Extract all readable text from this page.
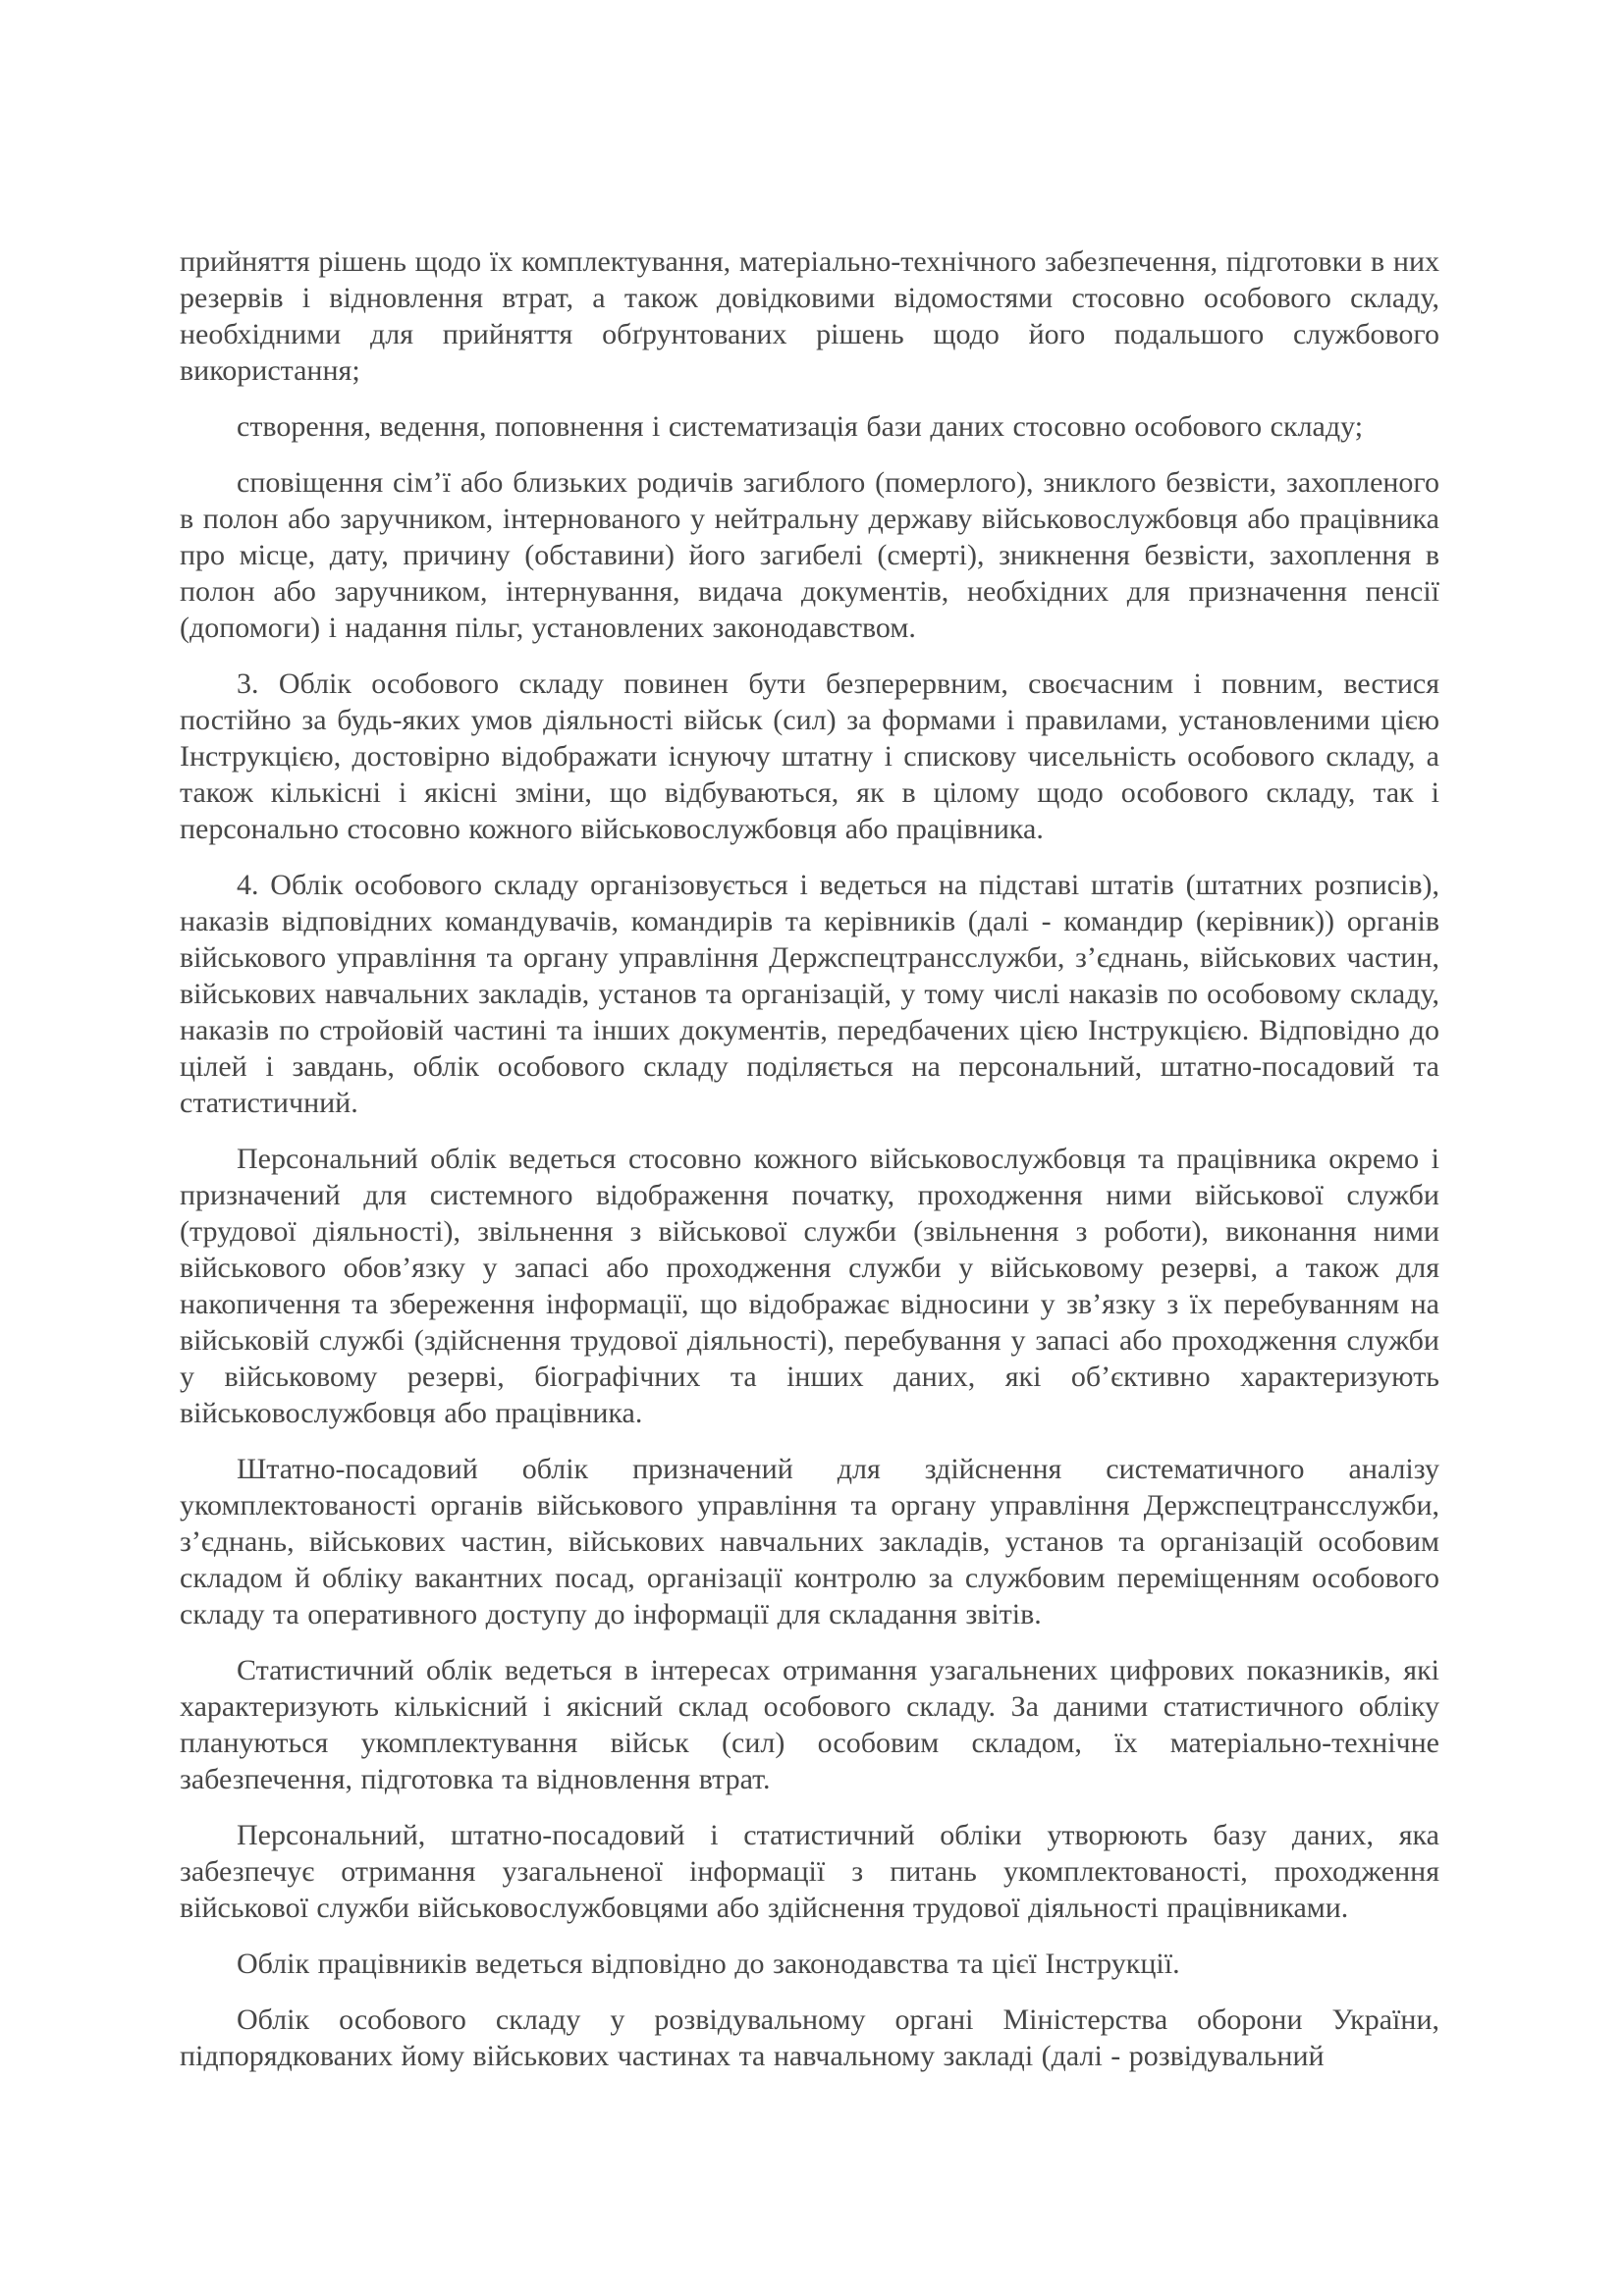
прийняття рішень щодо їх комплектування, матеріально-технічного забезпечення, підготовки в них резервів і відновлення втрат, а також довідковими відомостями стосовно особового складу, необхідними для прийняття обґрунтованих рішень щодо його подальшого службового використання;

створення, ведення, поповнення і систематизація бази даних стосовно особового складу;

сповіщення сім’ї або близьких родичів загиблого (померлого), зниклого безвісти, захопленого в полон або заручником, інтернованого у нейтральну державу військовослужбовця або працівника про місце, дату, причину (обставини) його загибелі (смерті), зникнення безвісти, захоплення в полон або заручником, інтернування, видача документів, необхідних для призначення пенсії (допомоги) і надання пільг, установлених законодавством.

3. Облік особового складу повинен бути безперервним, своєчасним і повним, вестися постійно за будь-яких умов діяльності військ (сил) за формами і правилами, установленими цією Інструкцією, достовірно відображати існуючу штатну і спискову чисельність особового складу, а також кількісні і якісні зміни, що відбуваються, як в цілому щодо особового складу, так і персонально стосовно кожного військовослужбовця або працівника.

4. Облік особового складу організовується і ведеться на підставі штатів (штатних розписів), наказів відповідних командувачів, командирів та керівників (далі - командир (керівник)) органів військового управління та органу управління Держспецтрансслужби, з’єднань, військових частин, військових навчальних закладів, установ та організацій, у тому числі наказів по особовому складу, наказів по стройовій частині та інших документів, передбачених цією Інструкцією. Відповідно до цілей і завдань, облік особового складу поділяється на персональний, штатно-посадовий та статистичний.

Персональний облік ведеться стосовно кожного військовослужбовця та працівника окремо і призначений для системного відображення початку, проходження ними військової служби (трудової діяльності), звільнення з військової служби (звільнення з роботи), виконання ними військового обов’язку у запасі або проходження служби у військовому резерві, а також для накопичення та збереження інформації, що відображає відносини у зв’язку з їх перебуванням на військовій службі (здійснення трудової діяльності), перебування у запасі або проходження служби у військовому резерві, біографічних та інших даних, які об’єктивно характеризують військовослужбовця або працівника.

Штатно-посадовий облік призначений для здійснення систематичного аналізу укомплектованості органів військового управління та органу управління Держспецтрансслужби, з’єднань, військових частин, військових навчальних закладів, установ та організацій особовим складом й обліку вакантних посад, організації контролю за службовим переміщенням особового складу та оперативного доступу до інформації для складання звітів.

Статистичний облік ведеться в інтересах отримання узагальнених цифрових показників, які характеризують кількісний і якісний склад особового складу. За даними статистичного обліку плануються укомплектування військ (сил) особовим складом, їх матеріально-технічне забезпечення, підготовка та відновлення втрат.

Персональний, штатно-посадовий і статистичний обліки утворюють базу даних, яка забезпечує отримання узагальненої інформації з питань укомплектованості, проходження військової служби військовослужбовцями або здійснення трудової діяльності працівниками.

Облік працівників ведеться відповідно до законодавства та цієї Інструкції.

Облік особового складу у розвідувальному органі Міністерства оборони України, підпорядкованих йому військових частинах та навчальному закладі (далі - розвідувальний
